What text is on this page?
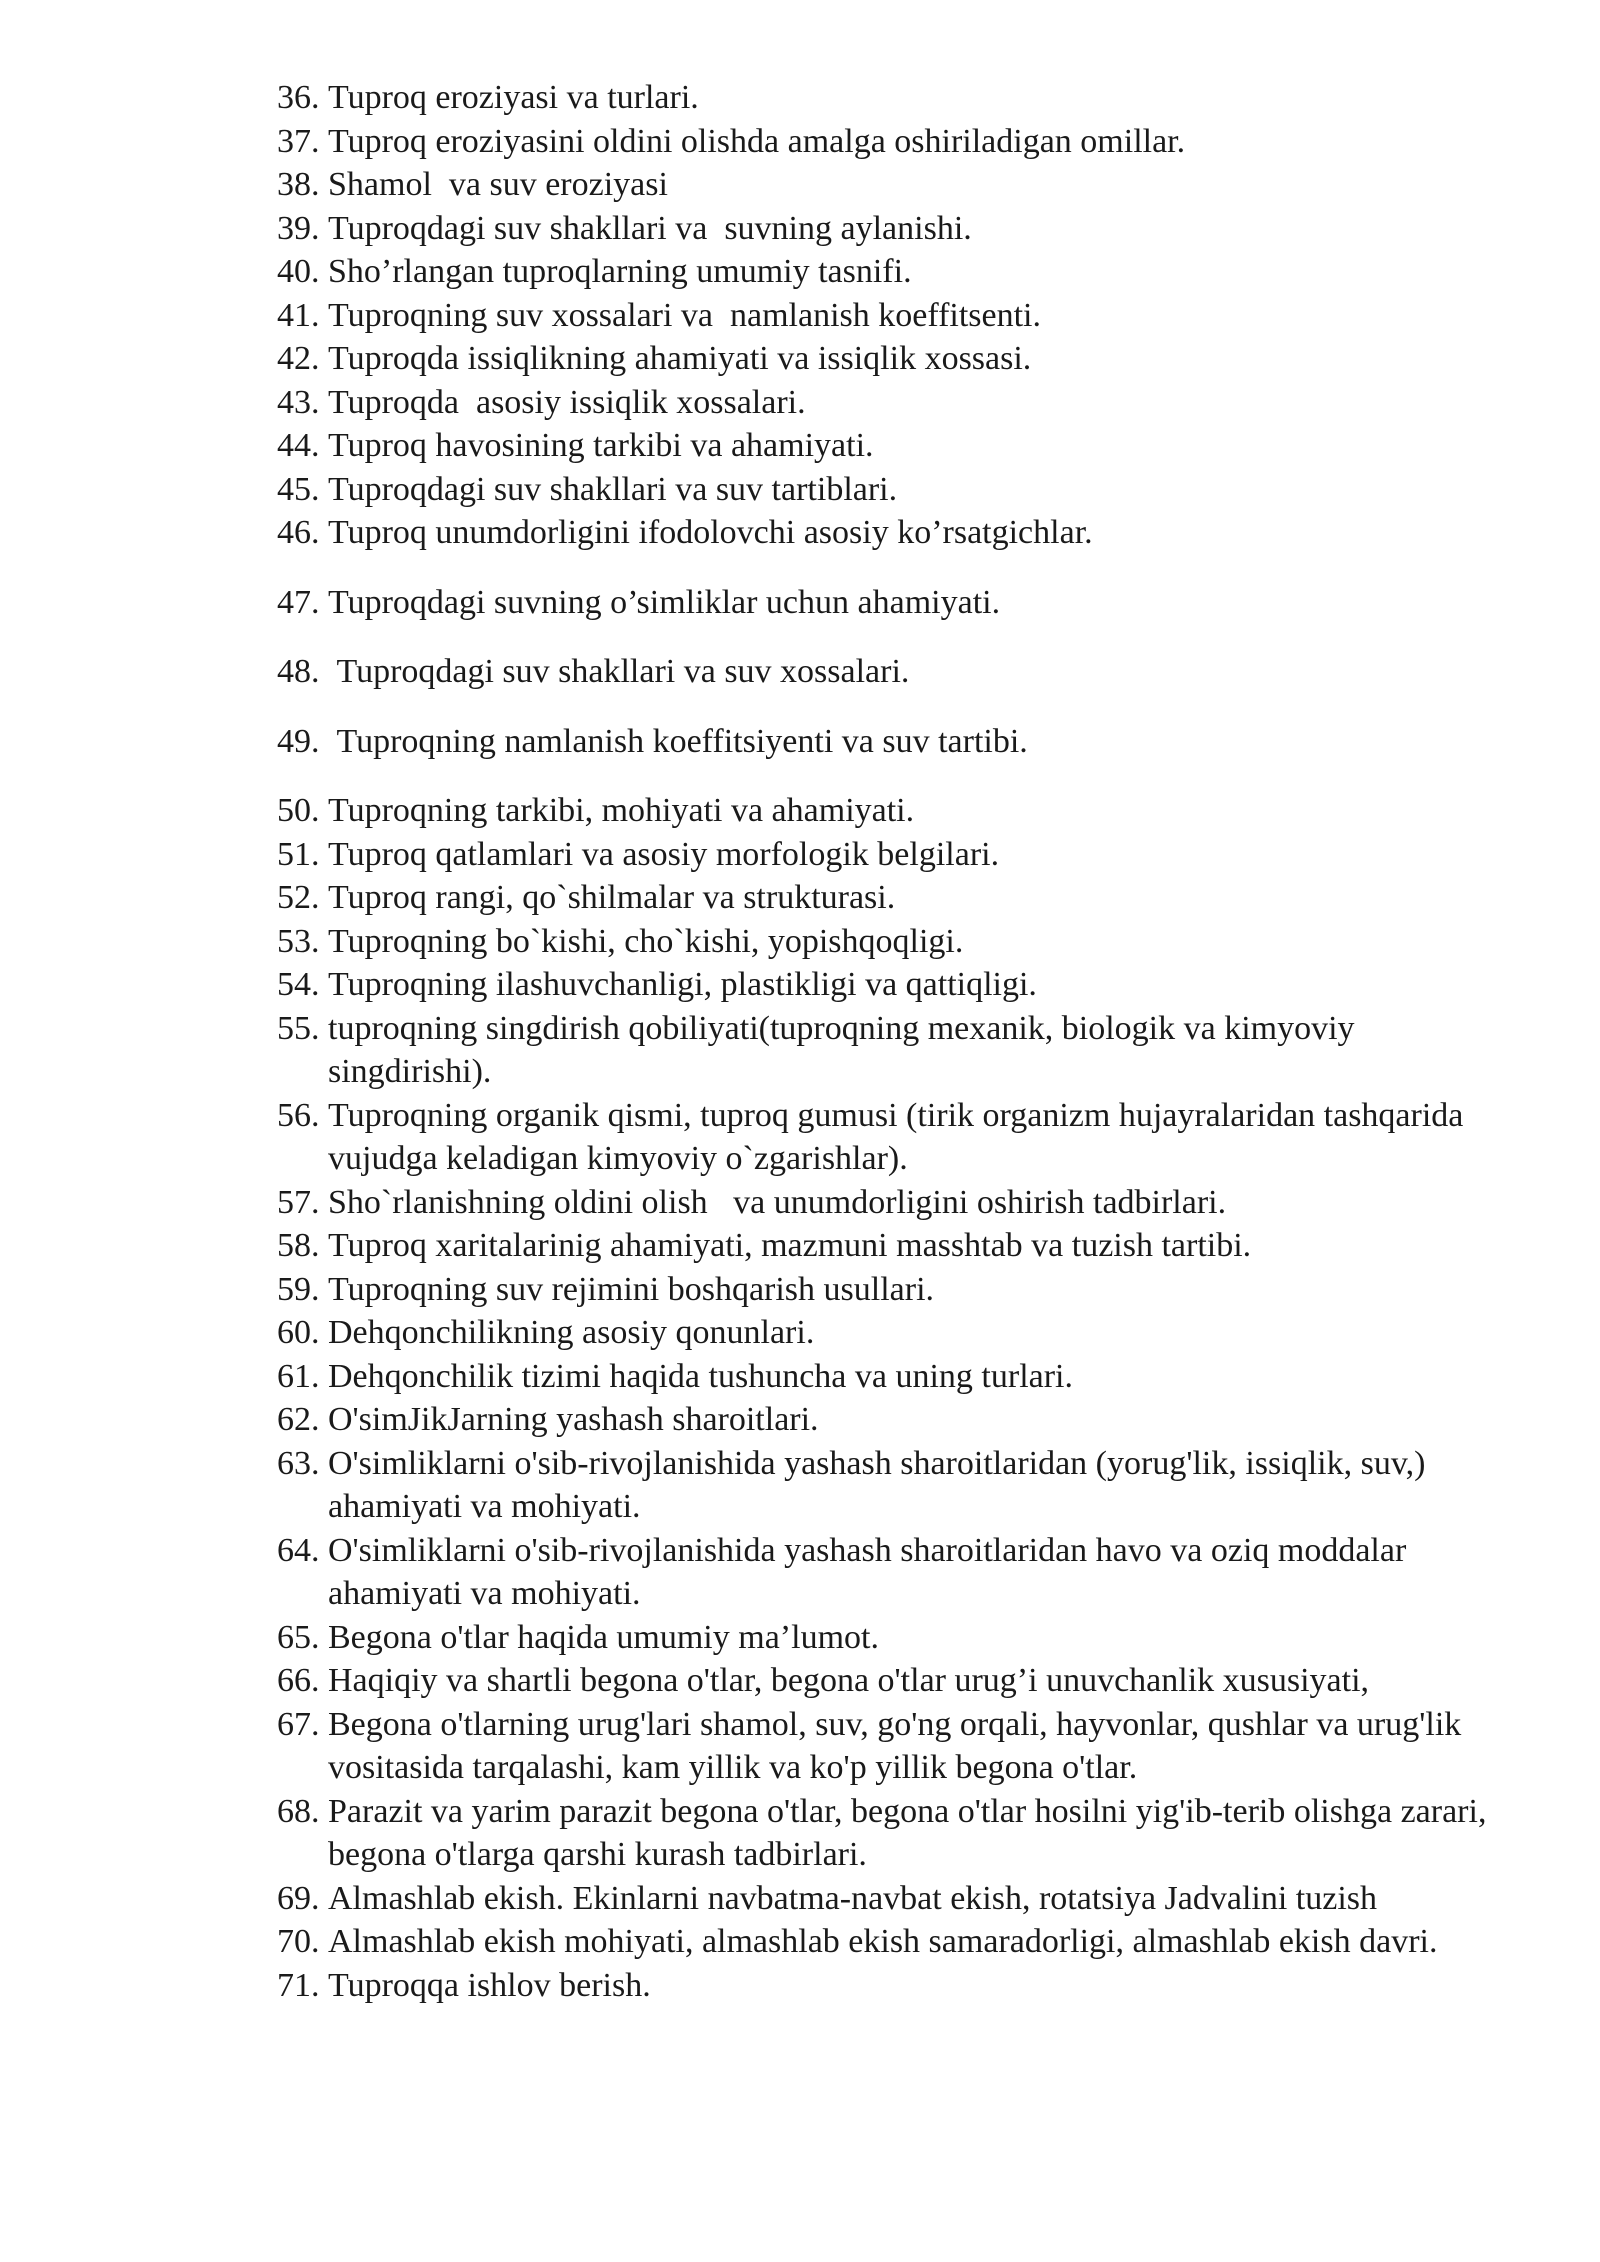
36. Tuproq eroziyasi va turlari.
37. Tuproq eroziyasini oldini olishda amalga oshiriladigan omillar.
38. Shamol  va suv eroziyasi
39. Tuproqdagi suv shakllari va  suvning aylanishi.
40. Sho’rlangan tuproqlarning umumiy tasnifi.
41. Tuproqning suv xossalari va  namlanish koeffitsenti.
42. Tuproqda issiqlikning ahamiyati va issiqlik xossasi.
43. Tuproqda  asosiy issiqlik xossalari.
44. Tuproq havosining tarkibi va ahamiyati.
45. Tuproqdagi suv shakllari va suv tartiblari.
46. Tuproq unumdorligini ifodolovchi asosiy ko’rsatgichlar.
47. Tuproqdagi suvning o’simliklar uchun ahamiyati.
48. Tuproqdagi suv shakllari va suv xossalari.
49. Tuproqning namlanish koeffitsiyenti va suv tartibi.
50. Tuproqning tarkibi, mohiyati va ahamiyati.
51. Tuproq qatlamlari va asosiy morfologik belgilari.
52. Tuproq rangi, qo`shilmalar va strukturasi.
53. Tuproqning bo`kishi, cho`kishi, yopishqoqligi.
54. Tuproqning ilashuvchanligi, plastikligi va qattiqligi.
55. tuproqning singdirish qobiliyati(tuproqning mexanik, biologik va kimyoviy singdirishi).
56. Tuproqning organik qismi, tuproq gumusi (tirik organizm hujayralaridan tashqarida vujudga keladigan kimyoviy o`zgarishlar).
57. Sho`rlanishning oldini olish   va unumdorligini oshirish tadbirlari.
58. Tuproq xaritalarinig ahamiyati, mazmuni masshtab va tuzish tartibi.
59. Tuproqning suv rejimini boshqarish usullari.
60. Dehqonchilikning asosiy qonunlari.
61. Dehqonchilik tizimi haqida tushuncha va uning turlari.
62. O'simJikJarning yashash sharoitlari.
63. O'simliklarni o'sib-rivojlanishida yashash sharoitlaridan (yorug'lik, issiqlik, suv,) ahamiyati va mohiyati.
64. O'simliklarni o'sib-rivojlanishida yashash sharoitlaridan havo va oziq moddalar ahamiyati va mohiyati.
65. Begona o'tlar haqida umumiy ma’lumot.
66. Haqiqiy va shartli begona o'tlar, begona o'tlar urug’i unuvchanlik xususiyati,
67. Begona o'tlarning urug'lari shamol, suv, go'ng orqali, hayvonlar, qushlar va urug'lik vositasida tarqalashi, kam yillik va ko'p yillik begona o'tlar.
68. Parazit va yarim parazit begona o'tlar, begona o'tlar hosilni yig'ib-terib olishga zarari, begona o'tlarga qarshi kurash tadbirlari.
69. Almashlab ekish. Ekinlarni navbatma-navbat ekish, rotatsiya Jadvalini tuzish
70. Almashlab ekish mohiyati, almashlab ekish samaradorligi, almashlab ekish davri.
71. Tuproqqa ishlov berish.
